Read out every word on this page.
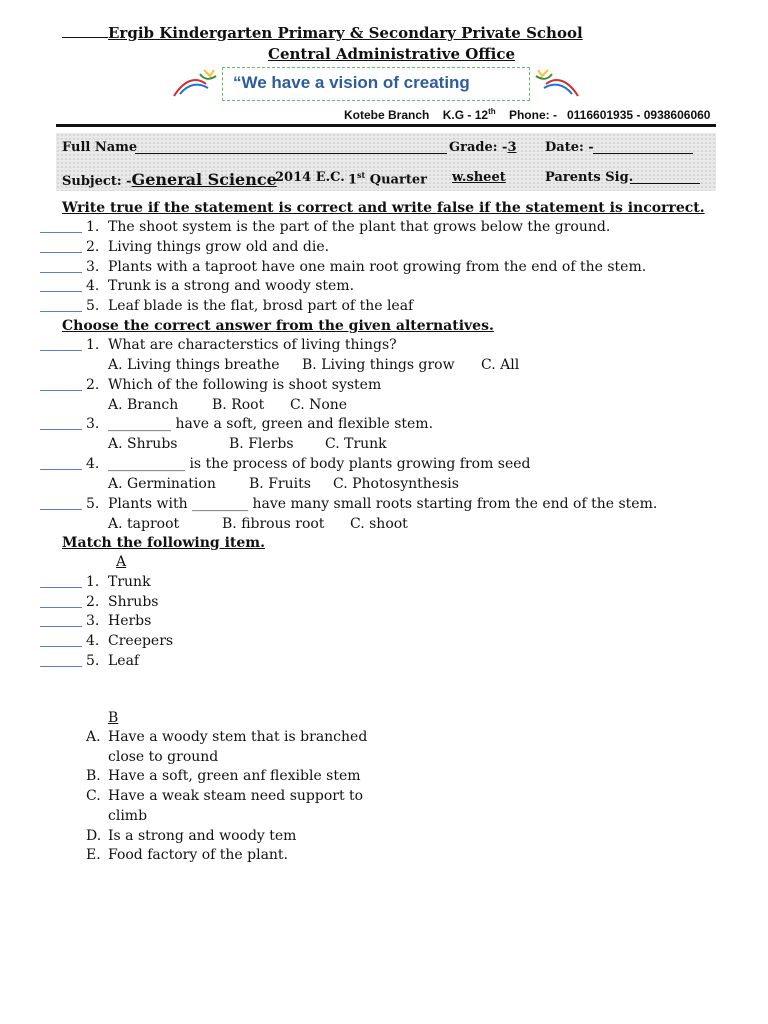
Ergib Kindergarten Primary & Secondary Private School
Central Administrative Office
“We have a vision of creating
Kotebe Branch K.G - 12th Phone: - 0116601935 - 0938606060
Full Name	Grade: -3 Date: -
Subject: -General Science
2014 E.C. 1st Quarter w.sheet	Parents Sig.
Write true if the statement is correct and write false if the statement is incorrect.
1. The shoot system is the part of the plant that grows below the ground.
2. Living things grow old and die.
3. Plants with a taproot have one main root growing from the end of the stem.
4. Trunk is a strong and woody stem.
5. Leaf blade is the flat, brosd part of the leaf
Choose the correct answer from the given alternatives.
1. What are characterstics of living things?
A. Living things breathe B. Living things grow C. All
2. Which of the following is shoot system
A. Branch B. Root C. None
3. _________ have a soft, green and flexible stem.
A. Shrubs	B. Flerbs C. Trunk
4. ___________ is the process of body plants growing from seed
A. Germination B. Fruits C. Photosynthesis
5. Plants with ________ have many small roots starting from the end of the stem.
A. taproot	B. fibrous root C. shoot
Match the following item.
A
1. Trunk
2. Shrubs
3. Herbs
4. Creepers
5. Leaf
B
A. Have a woody stem that is branched
close to ground
B. Have a soft, green anf flexible stem
C. Have a weak steam need support to
climb
D. Is a strong and woody tem
E. Food factory of the plant.
